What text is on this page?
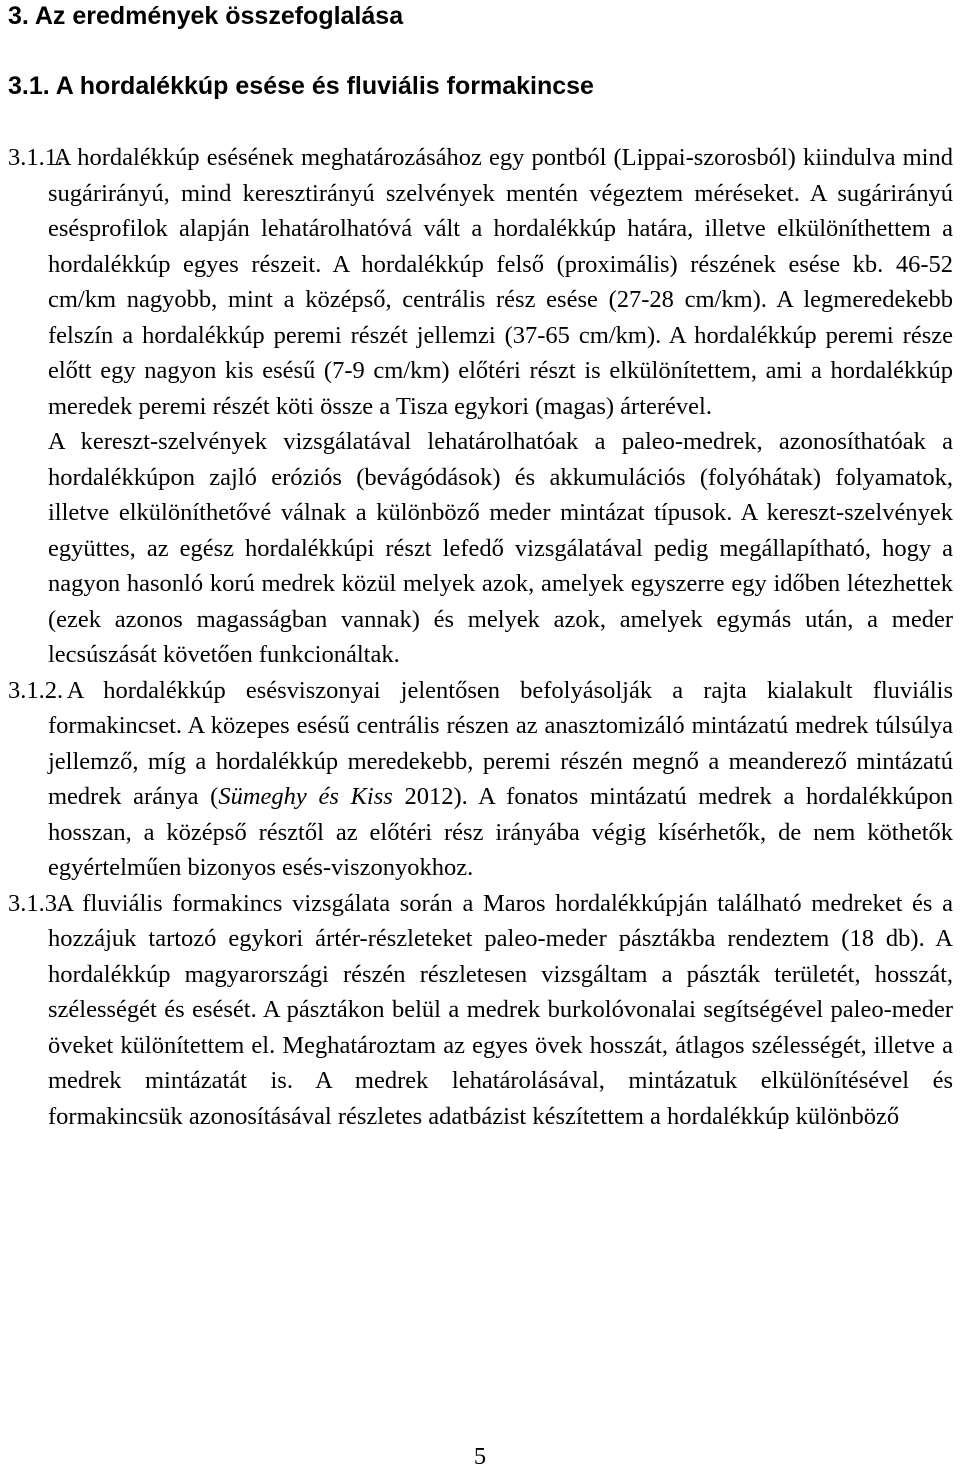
3. Az eredmények összefoglalása
3.1. A hordalékkúp esése és fluviális formakincse

3.1.1. A hordalékkúp esésének meghatározásához egy pontból (Lippai-szorosból) kiindulva mind sugárirányú, mind keresztirányú szelvények mentén végeztem méréseket. A sugárirányú esésprofilok alapján lehatárolhatóvá vált a hordalékkúp határa, illetve elkülöníthettem a hordalékkúp egyes részeit. A hordalékkúp felső (proximális) részének esése kb. 46-52 cm/km nagyobb, mint a középső, centrális rész esése (27-28 cm/km). A legmeredekebb felszín a hordalékkúp peremi részét jellemzi (37-65 cm/km). A hordalékkúp peremi része előtt egy nagyon kis esésű (7-9 cm/km) előtéri részt is elkülönítettem, ami a hordalékkúp meredek peremi részét köti össze a Tisza egykori (magas) árterével.

A kereszt-szelvények vizsgálatával lehatárolhatóak a paleo-medrek, azonosíthatóak a hordalékkúpon zajló eróziós (bevágódások) és akkumulációs (folyóhátak) folyamatok, illetve elkülöníthetővé válnak a különböző meder mintázat típusok. A kereszt-szelvények együttes, az egész hordalékkúpi részt lefedő vizsgálatával pedig megállapítható, hogy a nagyon hasonló korú medrek közül melyek azok, amelyek egyszerre egy időben létezhettek (ezek azonos magasságban vannak) és melyek azok, amelyek egymás után, a meder lecsúszását követően funkcionáltak.

3.1.2. A hordalékkúp esésviszonyai jelentősen befolyásolják a rajta kialakult fluviális formakincset. A közepes esésű centrális részen az anasztomizáló mintázatú medrek túlsúlya jellemző, míg a hordalékkúp meredekebb, peremi részén megnő a meanderező mintázatú medrek aránya (Sümeghy és Kiss 2012). A fonatos mintázatú medrek a hordalékkúpon hosszan, a középső résztől az előtéri rész irányába végig kísérhetők, de nem köthetők egyértelműen bizonyos esés-viszonyokhoz.

3.1.3. A fluviális formakincs vizsgálata során a Maros hordalékkúpján található medreket és a hozzájuk tartozó egykori ártér-részleteket paleo-meder pásztákba rendeztem (18 db). A hordalékkúp magyarországi részén részletesen vizsgáltam a pászták területét, hosszát, szélességét és esését. A pásztákon belül a medrek burkolóvonalai segítségével paleo-meder öveket különítettem el. Meghatároztam az egyes övek hosszát, átlagos szélességét, illetve a medrek mintázatát is. A medrek lehatárolásával, mintázatuk elkülönítésével és formakincsük azonosításával részletes adatbázist készítettem a hordalékkúp különböző

5
